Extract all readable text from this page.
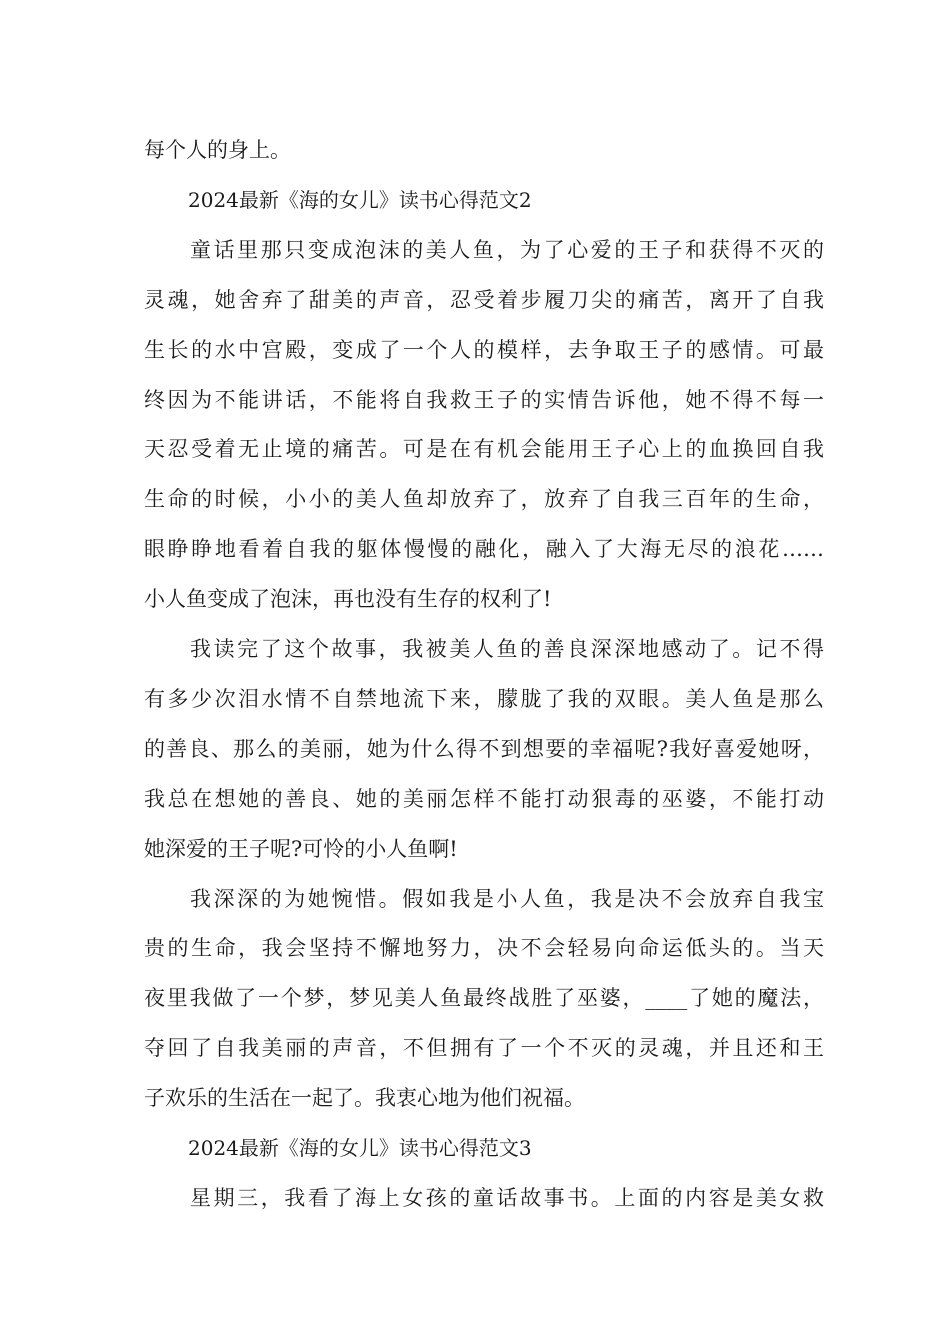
每个人的身上。
2024最新《海的女儿》读书心得范文2
童话里那只变成泡沫的美人鱼，为了心爱的王子和获得不灭的
灵魂，她舍弃了甜美的声音，忍受着步履刀尖的痛苦，离开了自我
生长的水中宫殿，变成了一个人的模样，去争取王子的感情。可最
终因为不能讲话，不能将自我救王子的实情告诉他，她不得不每一
天忍受着无止境的痛苦。可是在有机会能用王子心上的血换回自我
生命的时候，小小的美人鱼却放弃了，放弃了自我三百年的生命，
眼睁睁地看着自我的躯体慢慢的融化，融入了大海无尽的浪花……
小人鱼变成了泡沫，再也没有生存的权利了!
我读完了这个故事，我被美人鱼的善良深深地感动了。记不得
有多少次泪水情不自禁地流下来，朦胧了我的双眼。美人鱼是那么
的善良、那么的美丽，她为什么得不到想要的幸福呢?我好喜爱她呀，
我总在想她的善良、她的美丽怎样不能打动狠毒的巫婆，不能打动
她深爱的王子呢?可怜的小人鱼啊!
我深深的为她惋惜。假如我是小人鱼，我是决不会放弃自我宝
贵的生命，我会坚持不懈地努力，决不会轻易向命运低头的。当天
夜里我做了一个梦，梦见美人鱼最终战胜了巫婆，____了她的魔法，
夺回了自我美丽的声音，不但拥有了一个不灭的灵魂，并且还和王
子欢乐的生活在一起了。我衷心地为他们祝福。
2024最新《海的女儿》读书心得范文3
星期三，我看了海上女孩的童话故事书。上面的内容是美女救
